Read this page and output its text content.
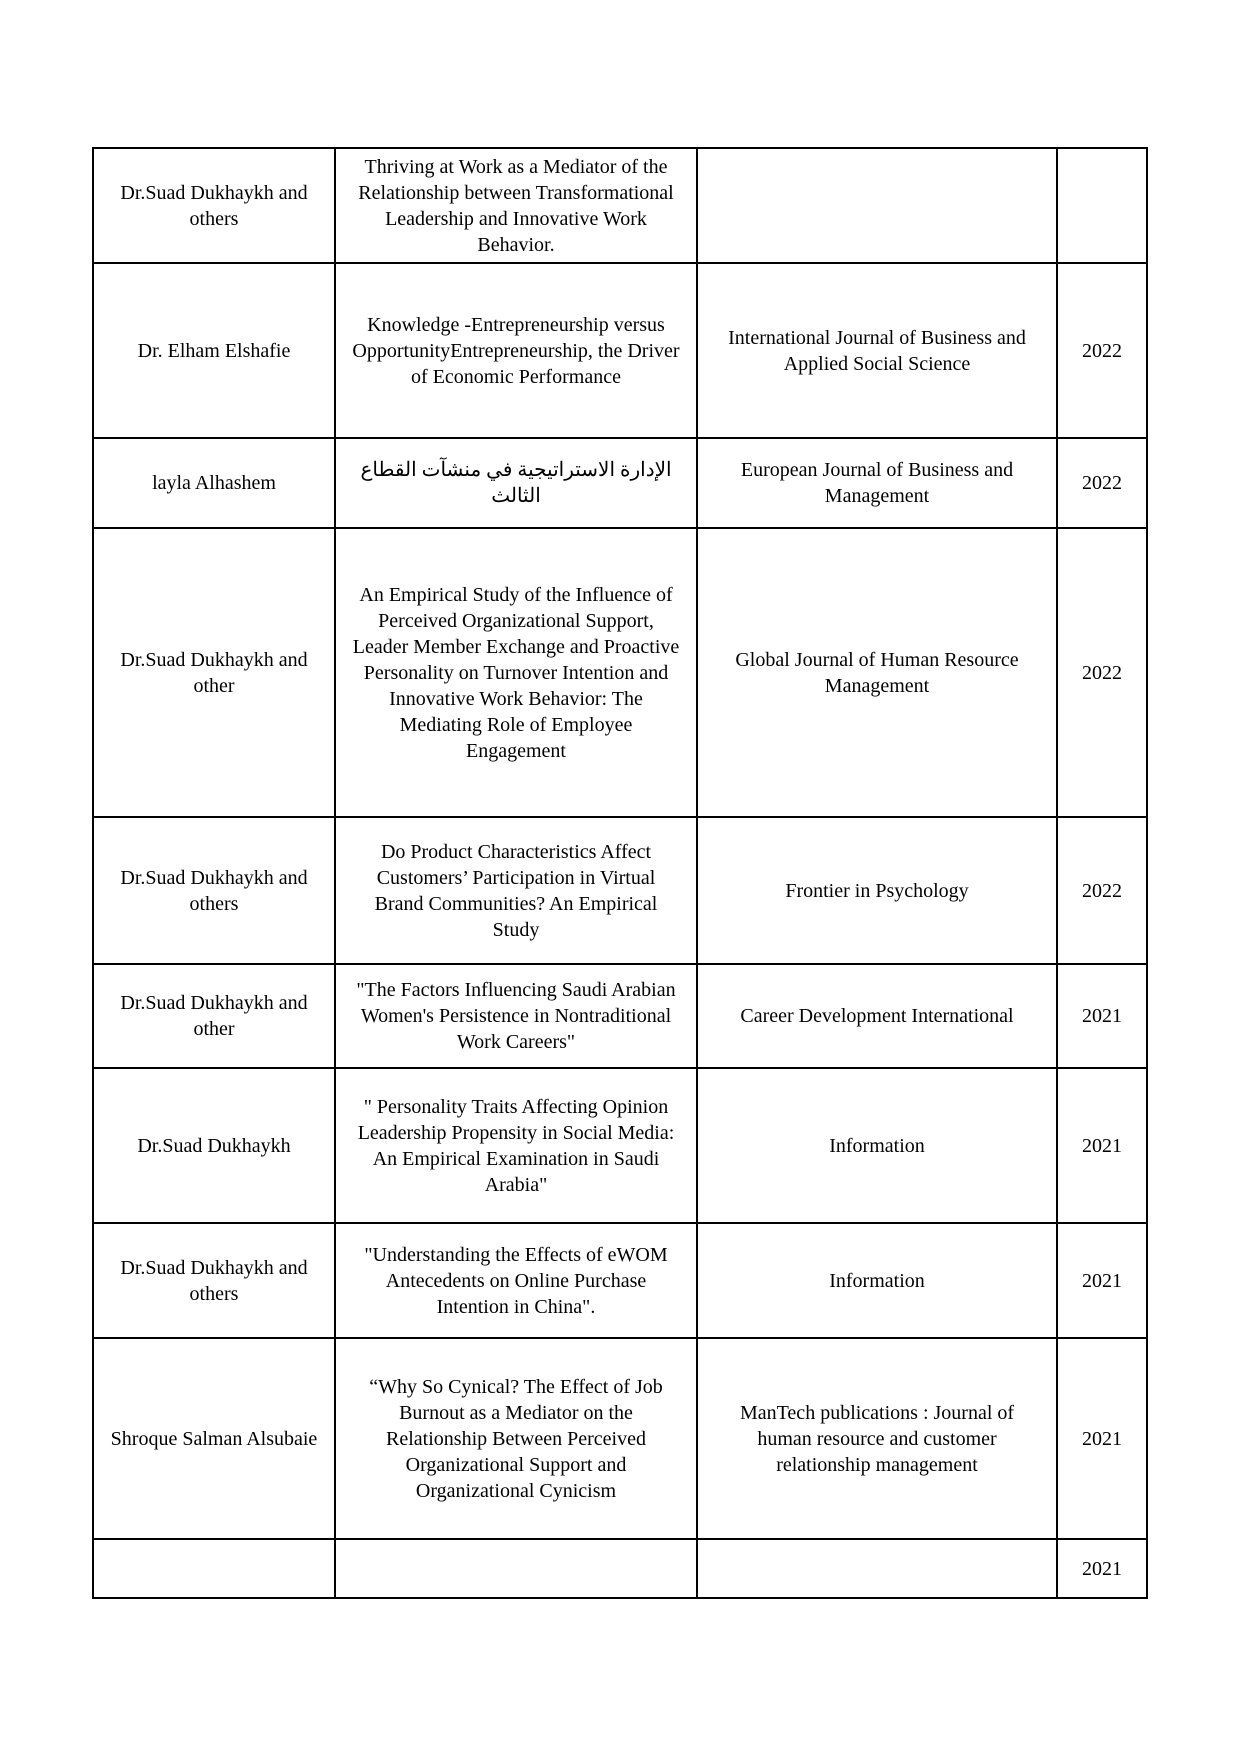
Dr.Suad Dukhaykh and others	Thriving at Work as a Mediator of the Relationship between Transformational Leadership and Innovative Work Behavior.		
Dr. Elham Elshafie	Knowledge -Entrepreneurship versus OpportunityEntrepreneurship, the Driver of Economic Performance	International Journal of Business and Applied Social Science	2022
layla Alhashem	الإدارة الاستراتيجية في منشآت القطاع الثالث	European Journal of Business and Management	2022
Dr.Suad Dukhaykh and other	An Empirical Study of the Influence of Perceived Organizational Support, Leader Member Exchange and Proactive Personality on Turnover Intention and Innovative Work Behavior: The Mediating Role of Employee Engagement	Global Journal of Human Resource Management	2022
Dr.Suad Dukhaykh and others	Do Product Characteristics Affect Customers’ Participation in Virtual Brand Communities? An Empirical Study	Frontier in Psychology	2022
Dr.Suad Dukhaykh and other	"The Factors Influencing Saudi Arabian Women's Persistence in Nontraditional Work Careers"	Career Development International	2021
Dr.Suad Dukhaykh	" Personality Traits Affecting Opinion Leadership Propensity in Social Media: An Empirical Examination in Saudi Arabia"	Information	2021
Dr.Suad Dukhaykh and others	"Understanding the Effects of eWOM Antecedents on Online Purchase Intention in China".	Information	2021
Shroque Salman Alsubaie	“Why So Cynical? The Effect of Job Burnout as a Mediator on the Relationship Between Perceived Organizational Support and Organizational Cynicism	ManTech publications : Journal of human resource and customer relationship management	2021
			2021
